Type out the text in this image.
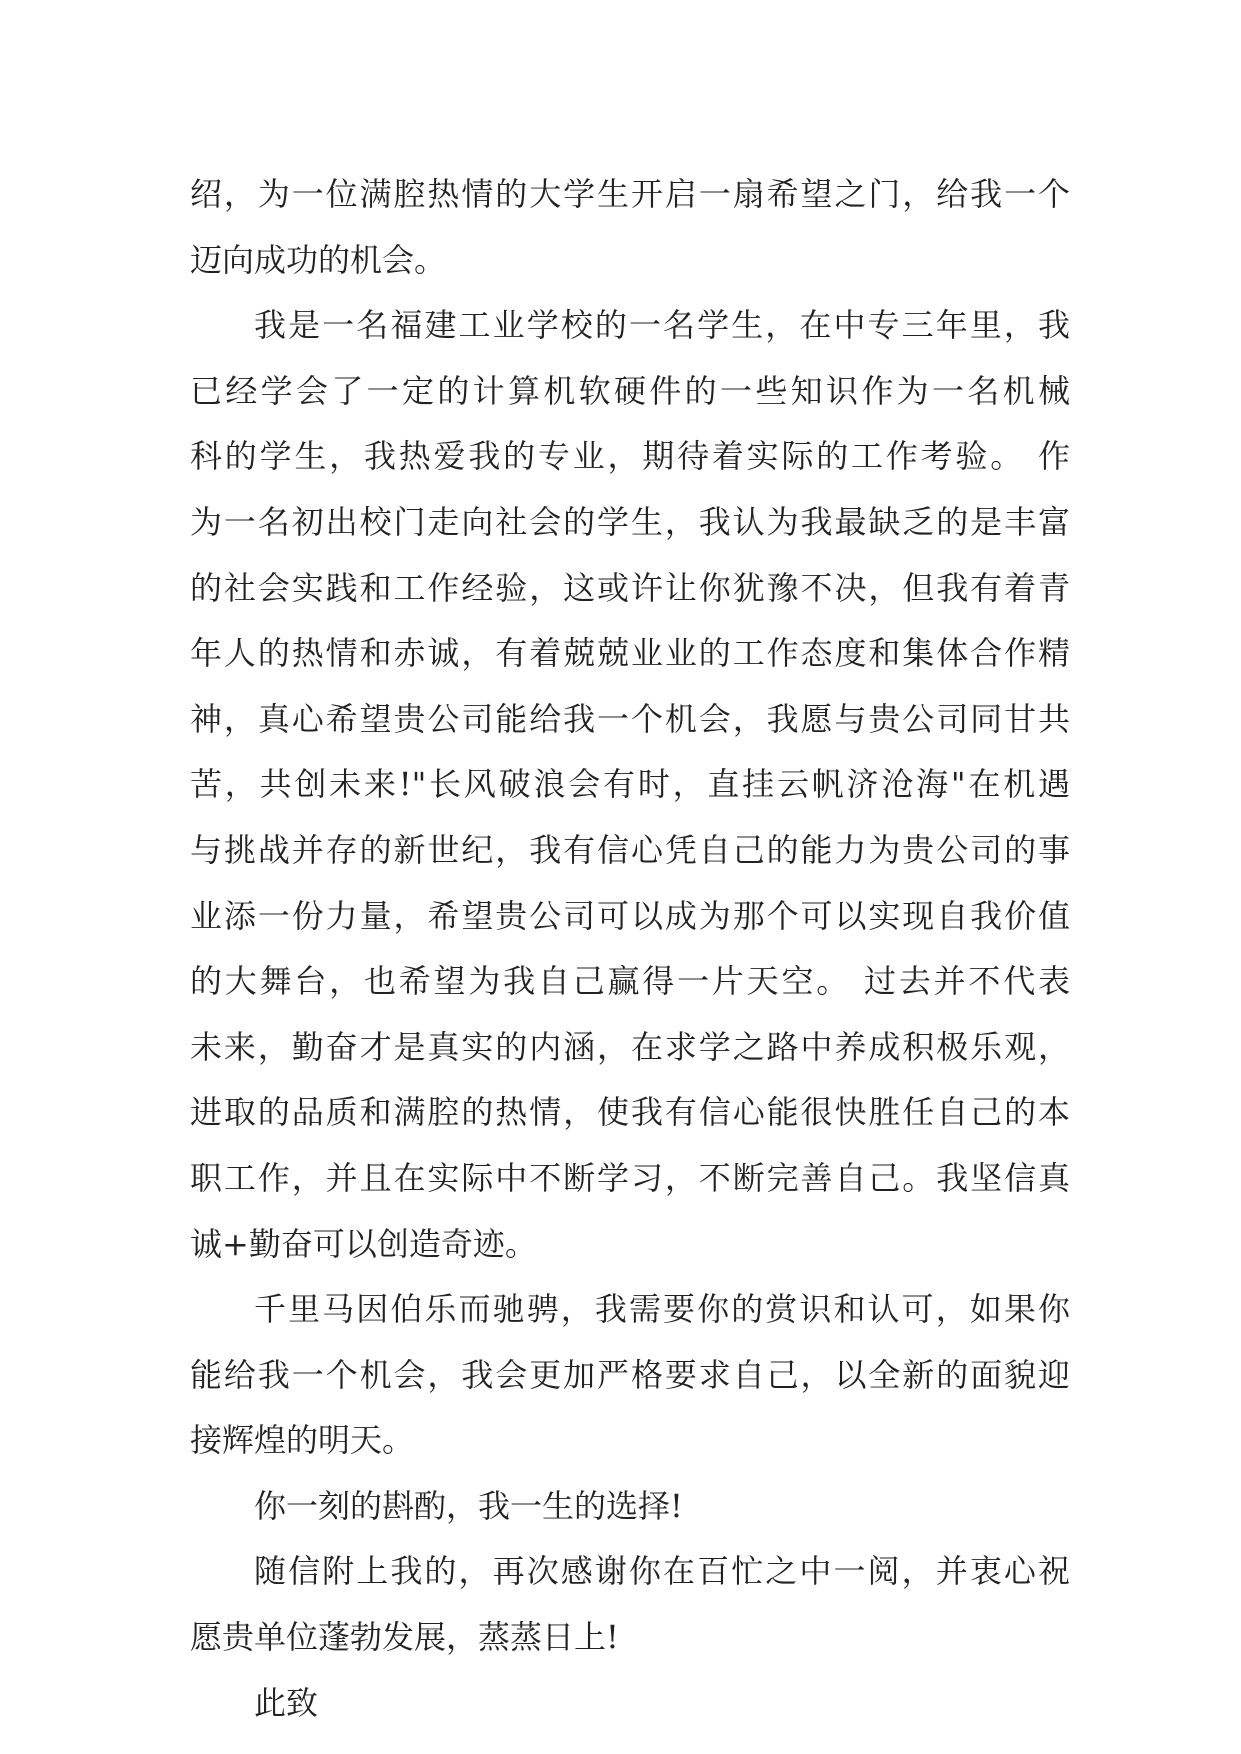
绍，为一位满腔热情的大学生开启一扇希望之门，给我一个
迈向成功的机会。
我是一名福建工业学校的一名学生，在中专三年里，我
已经学会了一定的计算机软硬件的一些知识作为一名机械
科的学生，我热爱我的专业，期待着实际的工作考验。 作
为一名初出校门走向社会的学生，我认为我最缺乏的是丰富
的社会实践和工作经验，这或许让你犹豫不决，但我有着青
年人的热情和赤诚，有着兢兢业业的工作态度和集体合作精
神，真心希望贵公司能给我一个机会，我愿与贵公司同甘共
苦，共创未来!"长风破浪会有时，直挂云帆济沧海"在机遇
与挑战并存的新世纪，我有信心凭自己的能力为贵公司的事
业添一份力量，希望贵公司可以成为那个可以实现自我价值
的大舞台，也希望为我自己赢得一片天空。 过去并不代表
未来，勤奋才是真实的内涵，在求学之路中养成积极乐观，
进取的品质和满腔的热情，使我有信心能很快胜任自己的本
职工作，并且在实际中不断学习，不断完善自己。我坚信真
诚+勤奋可以创造奇迹。
千里马因伯乐而驰骋，我需要你的赏识和认可，如果你
能给我一个机会，我会更加严格要求自己，以全新的面貌迎
接辉煌的明天。
你一刻的斟酌，我一生的选择!
随信附上我的，再次感谢你在百忙之中一阅，并衷心祝
愿贵单位蓬勃发展，蒸蒸日上!
此致
